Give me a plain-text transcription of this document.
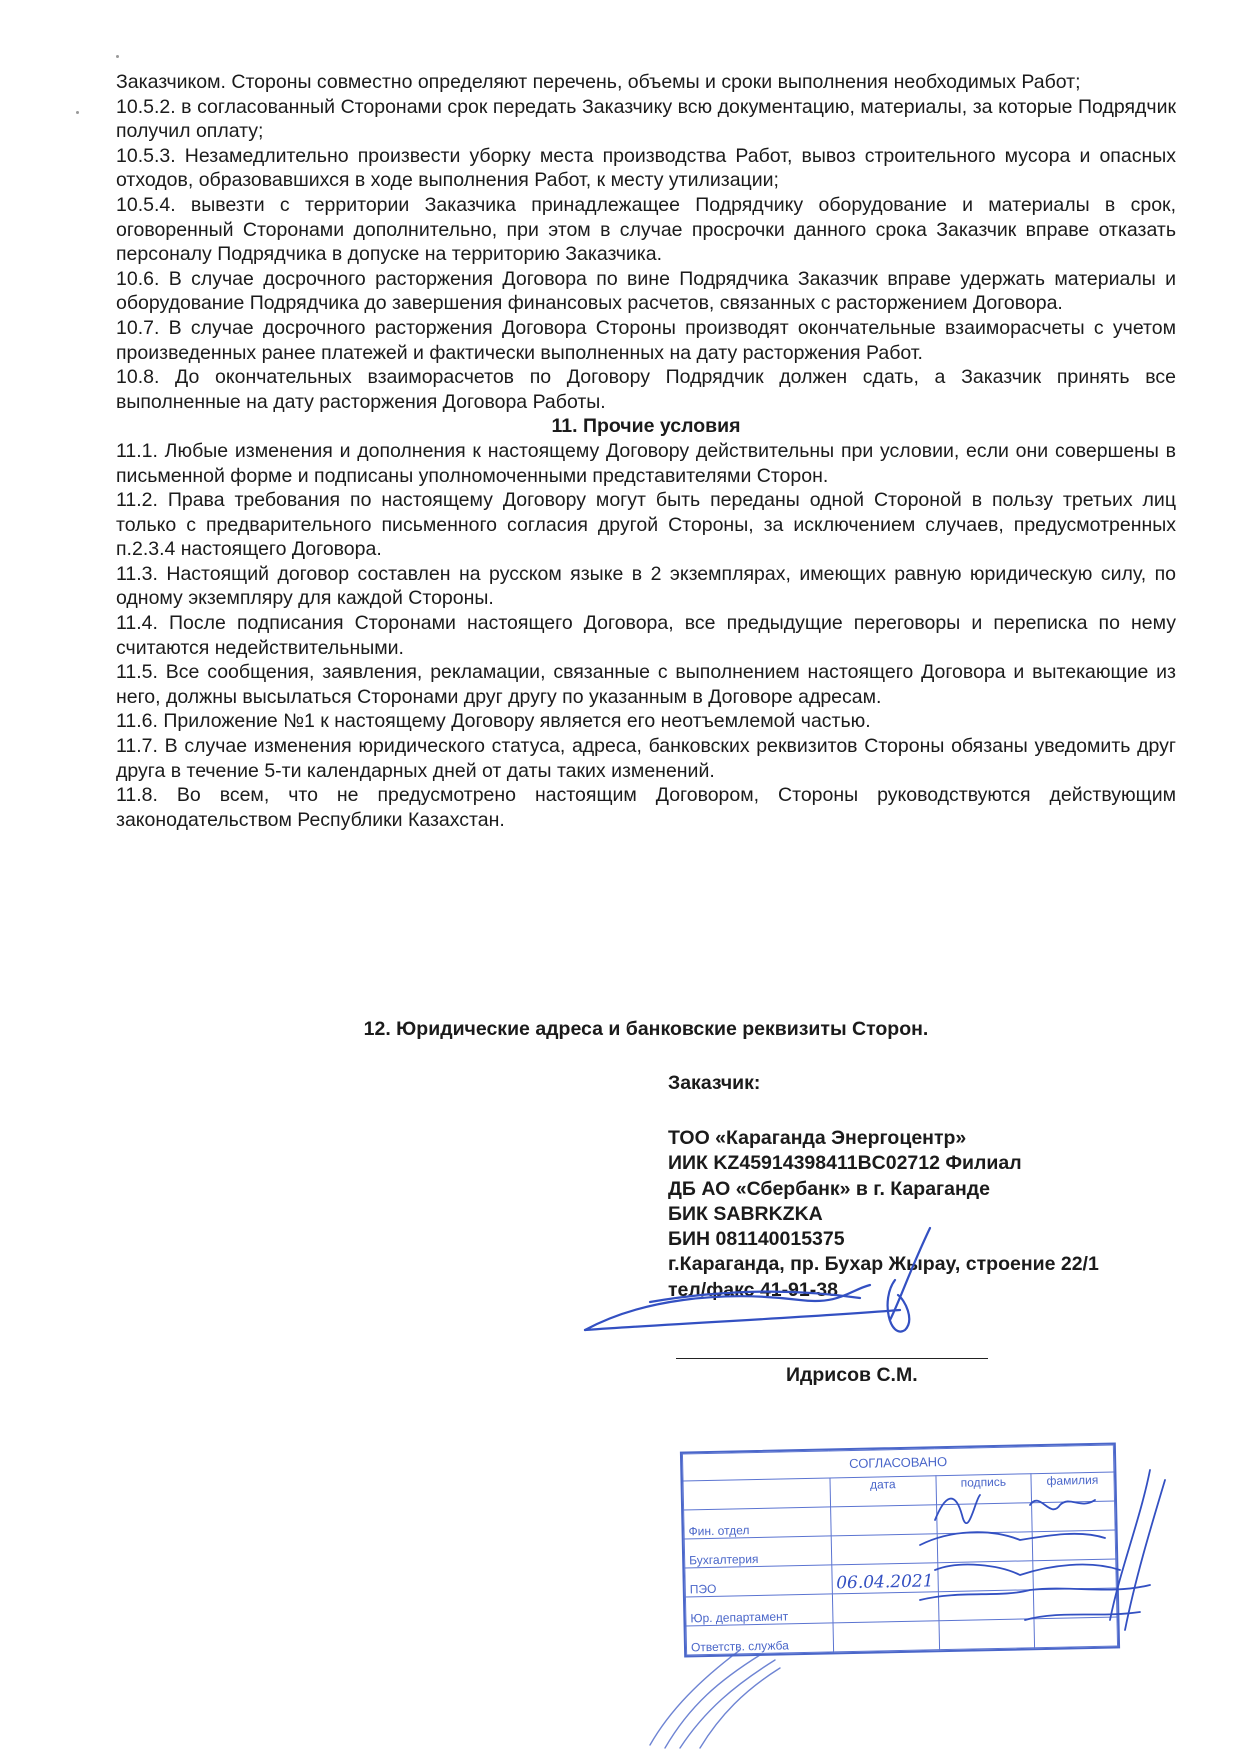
Заказчиком. Стороны совместно определяют перечень, объемы и сроки выполнения необходимых Работ;

10.5.2. в согласованный Сторонами срок передать Заказчику всю документацию, материалы, за которые Подрядчик получил оплату;

10.5.3. Незамедлительно произвести уборку места производства Работ, вывоз строительного мусора и опасных отходов, образовавшихся в ходе выполнения Работ, к месту утилизации;

10.5.4. вывезти с территории Заказчика принадлежащее Подрядчику оборудование и материалы в срок, оговоренный Сторонами дополнительно, при этом в случае просрочки данного срока Заказчик вправе отказать персоналу Подрядчика в допуске на территорию Заказчика.

10.6. В случае досрочного расторжения Договора по вине Подрядчика Заказчик вправе удержать материалы и оборудование Подрядчика до завершения финансовых расчетов, связанных с расторжением Договора.

10.7. В случае досрочного расторжения Договора Стороны производят окончательные взаиморасчеты с учетом произведенных ранее платежей и фактически выполненных на дату расторжения Работ.

10.8. До окончательных взаиморасчетов по Договору Подрядчик должен сдать, а Заказчик принять все выполненные на дату расторжения Договора Работы.

11. Прочие условия

11.1. Любые изменения и дополнения к настоящему Договору действительны при условии, если они совершены в письменной форме и подписаны уполномоченными представителями Сторон.

11.2. Права требования по настоящему Договору могут быть переданы одной Стороной в пользу третьих лиц только с предварительного письменного согласия другой Стороны, за исключением случаев, предусмотренных п.2.3.4 настоящего Договора.

11.3. Настоящий договор составлен на русском языке в 2 экземплярах, имеющих равную юридическую силу, по одному экземпляру для каждой Стороны.

11.4. После подписания Сторонами настоящего Договора, все предыдущие переговоры и переписка по нему считаются недействительными.

11.5. Все сообщения, заявления, рекламации, связанные с выполнением настоящего Договора и вытекающие из него, должны высылаться Сторонами друг другу по указанным в Договоре адресам.

11.6. Приложение №1 к настоящему Договору является его неотъемлемой частью.

11.7. В случае изменения юридического статуса, адреса, банковских реквизитов Стороны обязаны уведомить друг друга в течение 5-ти календарных дней от даты таких изменений.

11.8. Во всем, что не предусмотрено настоящим Договором, Стороны руководствуются действующим законодательством Республики Казахстан.

12. Юридические адреса и банковские реквизиты Сторон.
Заказчик:
ТОО «Караганда Энергоцентр»
ИИК KZ45914398411BC02712 Филиал
ДБ АО «Сбербанк» в г. Караганде
БИК SABRKZKA
БИН 081140015375
г.Караганда, пр. Бухар Жырау, строение 22/1
тел/факс 41-91-38
Идрисов С.М.
СОГЛАСОВАНО			
	дата	подпись	фамилия
Фин. отдел			
Бухгалтерия			
ПЭО	06.04.2021		
Юр. департамент			
Ответств. служба			
